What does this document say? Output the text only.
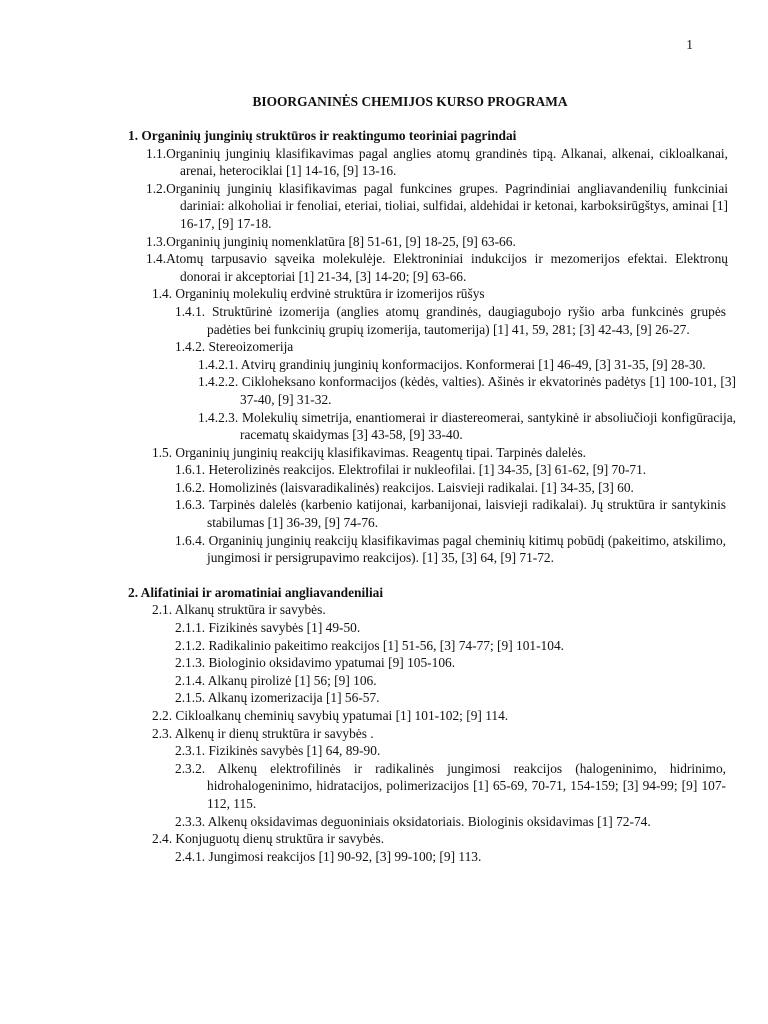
1
BIOORGANINĖS CHEMIJOS KURSO PROGRAMA
1. Organinių junginių struktūros ir reaktingumo teoriniai pagrindai
1.1.Organinių junginių klasifikavimas pagal anglies atomų grandinės tipą. Alkanai, alkenai, cikloalkanai, arenai, heterociklai [1] 14-16, [9] 13-16.
1.2.Organinių junginių klasifikavimas pagal funkcines grupes. Pagrindiniai angliavandenilių funkciniai dariniai: alkoholiai ir fenoliai, eteriai, tioliai, sulfidai, aldehidai ir ketonai, karboksirūgštys, aminai [1] 16-17, [9] 17-18.
1.3.Organinių junginių nomenklatūra [8] 51-61, [9] 18-25, [9] 63-66.
1.4.Atomų tarpusavio sąveika molekulėje. Elektroniniai indukcijos ir mezomerijos efektai. Elektronų donorai ir akceptoriai [1] 21-34, [3] 14-20; [9] 63-66.
1.4. Organinių molekulių erdvinė struktūra ir izomerijos rūšys
1.4.1. Struktūrinė izomerija (anglies atomų grandinės, daugiagubojo ryšio arba funkcinės grupės padėties bei funkcinių grupių izomerija, tautomerija) [1] 41, 59, 281; [3] 42-43, [9] 26-27.
1.4.2. Stereoizomerija
1.4.2.1. Atvirų grandinių junginių konformacijos. Konformerai [1] 46-49, [3] 31-35, [9] 28-30.
1.4.2.2. Cikloheksano konformacijos (kėdės, valties). Ašinės ir ekvatorinės padėtys [1] 100-101, [3] 37-40, [9] 31-32.
1.4.2.3. Molekulių simetrija, enantiomerai ir diastereomerai, santykinė ir absoliučioji konfigūracija, racematų skaidymas [3] 43-58, [9] 33-40.
1.5. Organinių junginių reakcijų klasifikavimas. Reagentų tipai. Tarpinės dalelės.
1.6.1. Heterolizinės reakcijos. Elektrofilai ir nukleofilai. [1] 34-35, [3] 61-62, [9] 70-71.
1.6.2. Homolizinės (laisvaradikalinės) reakcijos. Laisvieji radikalai. [1] 34-35, [3] 60.
1.6.3. Tarpinės dalelės (karbenio katijonai, karbanijonai, laisvieji radikalai). Jų struktūra ir santykinis stabilumas [1] 36-39, [9] 74-76.
1.6.4. Organinių junginių reakcijų klasifikavimas pagal cheminių kitimų pobūdį (pakeitimo, atskilimo, jungimosi ir persigrupavimo reakcijos). [1] 35, [3] 64, [9] 71-72.
2. Alifatiniai ir aromatiniai angliavandeniliai
2.1. Alkanų struktūra ir savybės.
2.1.1. Fizikinės savybės [1] 49-50.
2.1.2. Radikalinio pakeitimo reakcijos [1] 51-56, [3] 74-77; [9] 101-104.
2.1.3. Biologinio oksidavimo ypatumai [9] 105-106.
2.1.4. Alkanų pirolizė [1] 56; [9] 106.
2.1.5. Alkanų izomerizacija [1] 56-57.
2.2. Cikloalkanų cheminių savybių ypatumai [1] 101-102; [9] 114.
2.3. Alkenų ir dienų struktūra ir savybės .
2.3.1. Fizikinės savybės [1] 64, 89-90.
2.3.2. Alkenų elektrofilinės ir radikalinės jungimosi reakcijos (halogeninimo, hidrinimo, hidrohalogeninimo, hidratacijos, polimerizacijos [1] 65-69, 70-71, 154-159; [3] 94-99; [9] 107-112, 115.
2.3.3. Alkenų oksidavimas deguoniniais oksidatoriais. Biologinis oksidavimas [1] 72-74.
2.4. Konjuguotų dienų struktūra ir savybės.
2.4.1. Jungimosi reakcijos [1] 90-92, [3] 99-100; [9] 113.
